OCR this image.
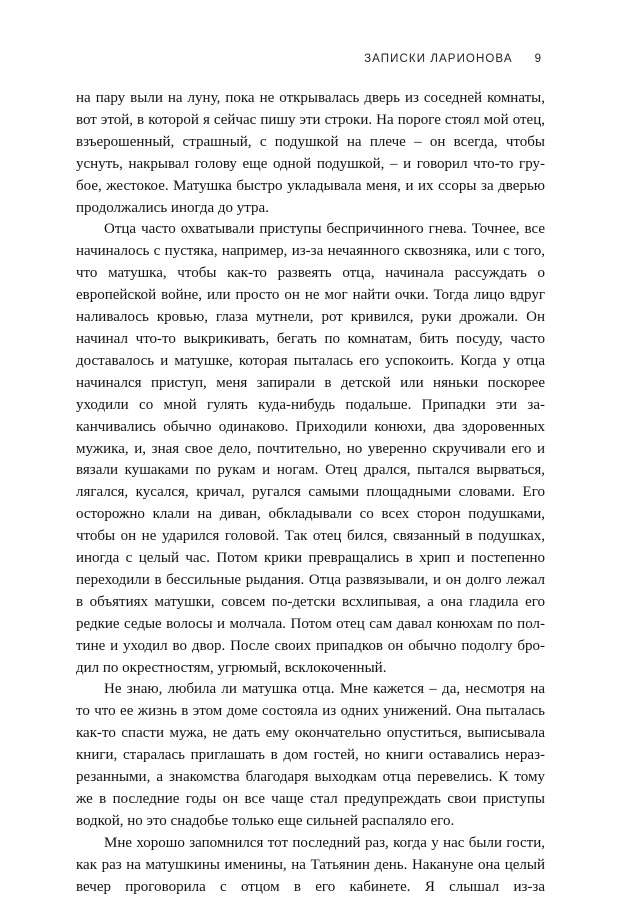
ЗАПИСКИ ЛАРИОНОВА 9

на пару выли на луну, пока не открывалась дверь из соседней комнаты, вот этой, в которой я сейчас пишу эти строки. На пороге стоял мой отец, взъерошенный, страшный, с подушкой на плече – он всегда, чтобы уснуть, накрывал голову еще одной подушкой, – и говорил что-то грубое, жестокое. Матушка быстро укладывала меня, и их ссоры за дверью продолжались иногда до утра.

Отца часто охватывали приступы беспричинного гнева. Точнее, все начиналось с пустяка, например, из-за нечаянного сквозняка, или с того, что матушка, чтобы как-то развеять отца, начинала рассуждать о европейской войне, или просто он не мог найти очки. Тогда лицо вдруг наливалось кровью, глаза мутнели, рот кривился, руки дрожали. Он начинал что-то выкрикивать, бегать по комнатам, бить посуду, часто доставалось и матушке, которая пыталась его успокоить. Когда у отца начинался приступ, меня запирали в детской или няньки поскорее уходили со мной гулять куда-нибудь подальше. Припадки эти заканчивались обычно одинаково. Приходили конюхи, два здоровенных мужика, и, зная свое дело, почтительно, но уверенно скручивали его и вязали кушаками по рукам и ногам. Отец дрался, пытался вырваться, лягался, кусался, кричал, ругался самыми площадными словами. Его осторожно клали на диван, обкладывали со всех сторон подушками, чтобы он не ударился головой. Так отец бился, связанный в подушках, иногда с целый час. Потом крики превращались в хрип и постепенно переходили в бессильные рыдания. Отца развязывали, и он долго лежал в объятиях матушки, совсем по-детски всхлипывая, а она гладила его редкие седые волосы и молчала. Потом отец сам давал конюхам по полтине и уходил во двор. После своих припадков он обычно подолгу бродил по окрестностям, угрюмый, всклокоченный.

Не знаю, любила ли матушка отца. Мне кажется – да, несмотря на то что ее жизнь в этом доме состояла из одних унижений. Она пыталась как-то спасти мужа, не дать ему окончательно опуститься, выписывала книги, старалась приглашать в дом гостей, но книги оставались неразрезанными, а знакомства благодаря выходкам отца перевелись. К тому же в последние годы он все чаще стал предупреждать свои приступы водкой, но это снадобье только еще сильней распаляло его.

Мне хорошо запомнился тот последний раз, когда у нас были гости, как раз на матушкины именины, на Татьянин день. Накануне она целый вечер проговорила с отцом в его кабинете. Я слышал из-за
